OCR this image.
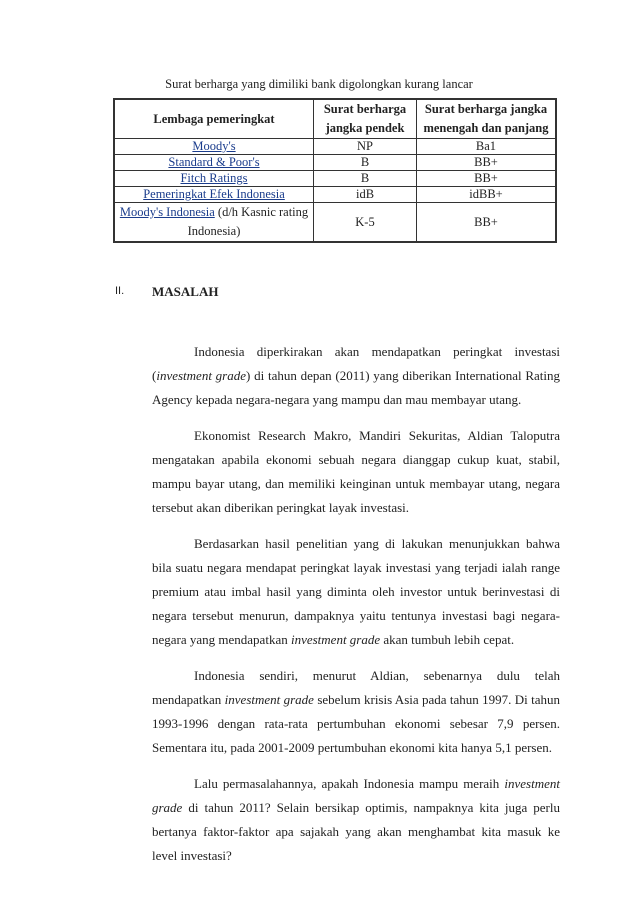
Surat berharga yang dimiliki bank digolongkan kurang lancar
Lembaga pemeringkat	Surat berharga jangka pendek	Surat berharga jangka menengah dan panjang
Moody's	NP	Ba1
Standard & Poor's	B	BB+
Fitch Ratings	B	BB+
Pemeringkat Efek Indonesia	idB	idBB+
Moody's Indonesia (d/h Kasnic rating Indonesia)	K-5	BB+
II. MASALAH

Indonesia diperkirakan akan mendapatkan peringkat investasi (investment grade) di tahun depan (2011) yang diberikan International Rating Agency kepada negara-negara yang mampu dan mau membayar utang.

Ekonomist Research Makro, Mandiri Sekuritas, Aldian Taloputra mengatakan apabila ekonomi sebuah negara dianggap cukup kuat, stabil, mampu bayar utang, dan memiliki keinginan untuk membayar utang, negara tersebut akan diberikan peringkat layak investasi.

Berdasarkan hasil penelitian yang di lakukan menunjukkan bahwa bila suatu negara mendapat peringkat layak investasi yang terjadi ialah range premium atau imbal hasil yang diminta oleh investor untuk berinvestasi di negara tersebut menurun, dampaknya yaitu tentunya investasi bagi negara-negara yang mendapatkan investment grade akan tumbuh lebih cepat.

Indonesia sendiri, menurut Aldian, sebenarnya dulu telah mendapatkan investment grade sebelum krisis Asia pada tahun 1997. Di tahun 1993-1996 dengan rata-rata pertumbuhan ekonomi sebesar 7,9 persen. Sementara itu, pada 2001-2009 pertumbuhan ekonomi kita hanya 5,1 persen.

Lalu permasalahannya, apakah Indonesia mampu meraih investment grade di tahun 2011? Selain bersikap optimis, nampaknya kita juga perlu bertanya faktor-faktor apa sajakah yang akan menghambat kita masuk ke level investasi?
